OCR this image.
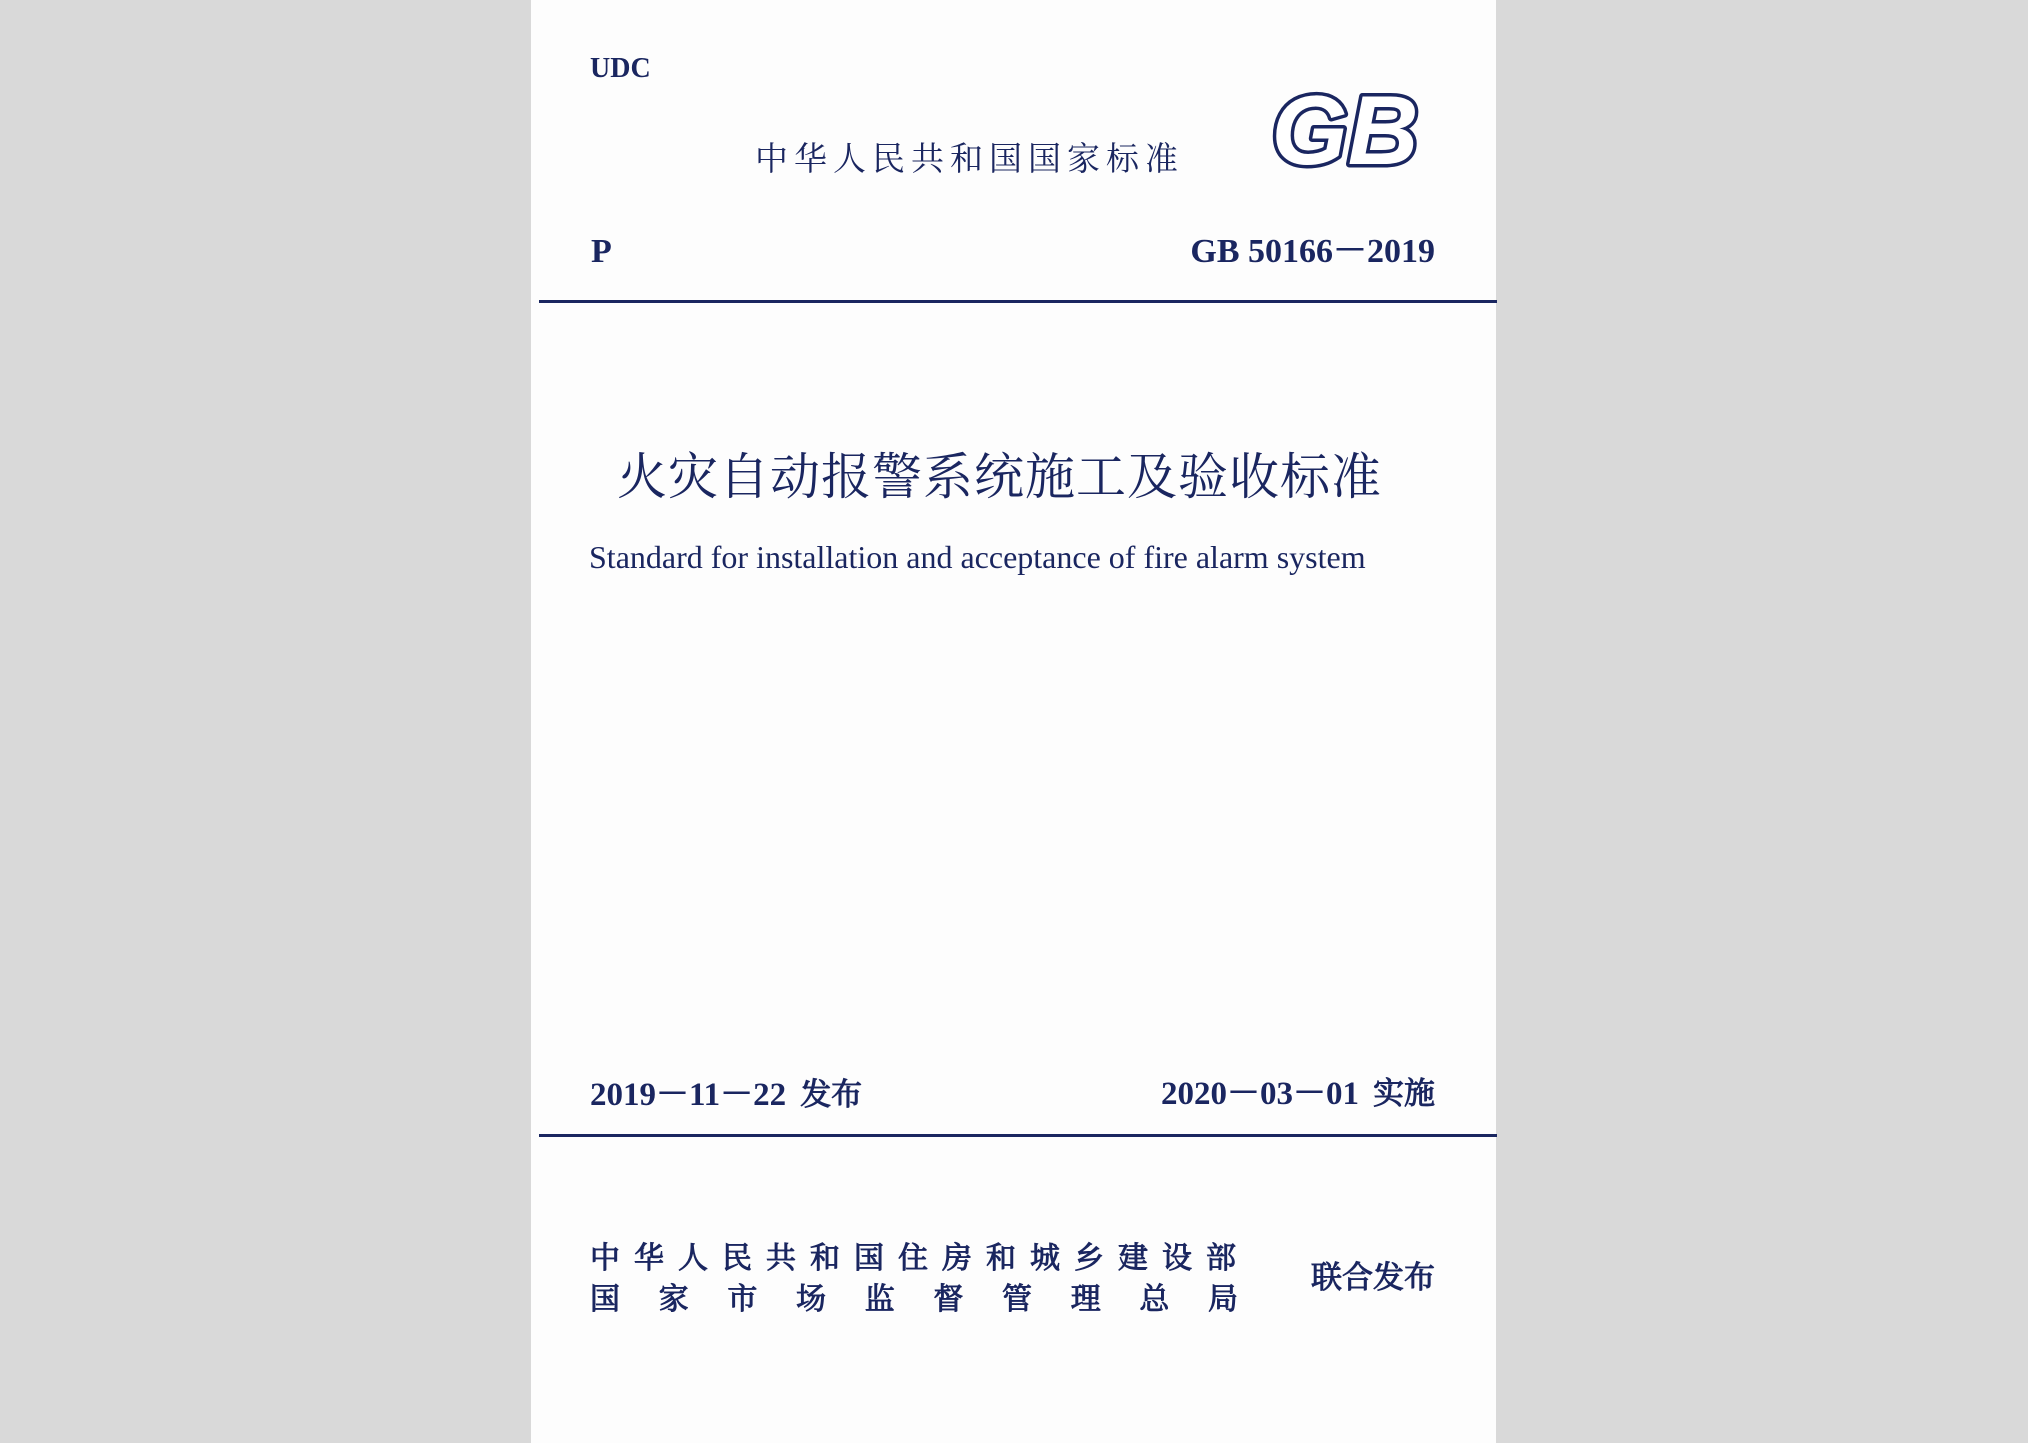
UDC
中华人民共和国国家标准 GB
P	GB 50166－2019
火灾自动报警系统施工及验收标准
Standard for installation and acceptance of fire alarm system
2019－11－22 发布	2020－03－01 实施
中华人民共和国住房和城乡建设部
国 家 市 场 监 督 管 理 总 局
联合发布
